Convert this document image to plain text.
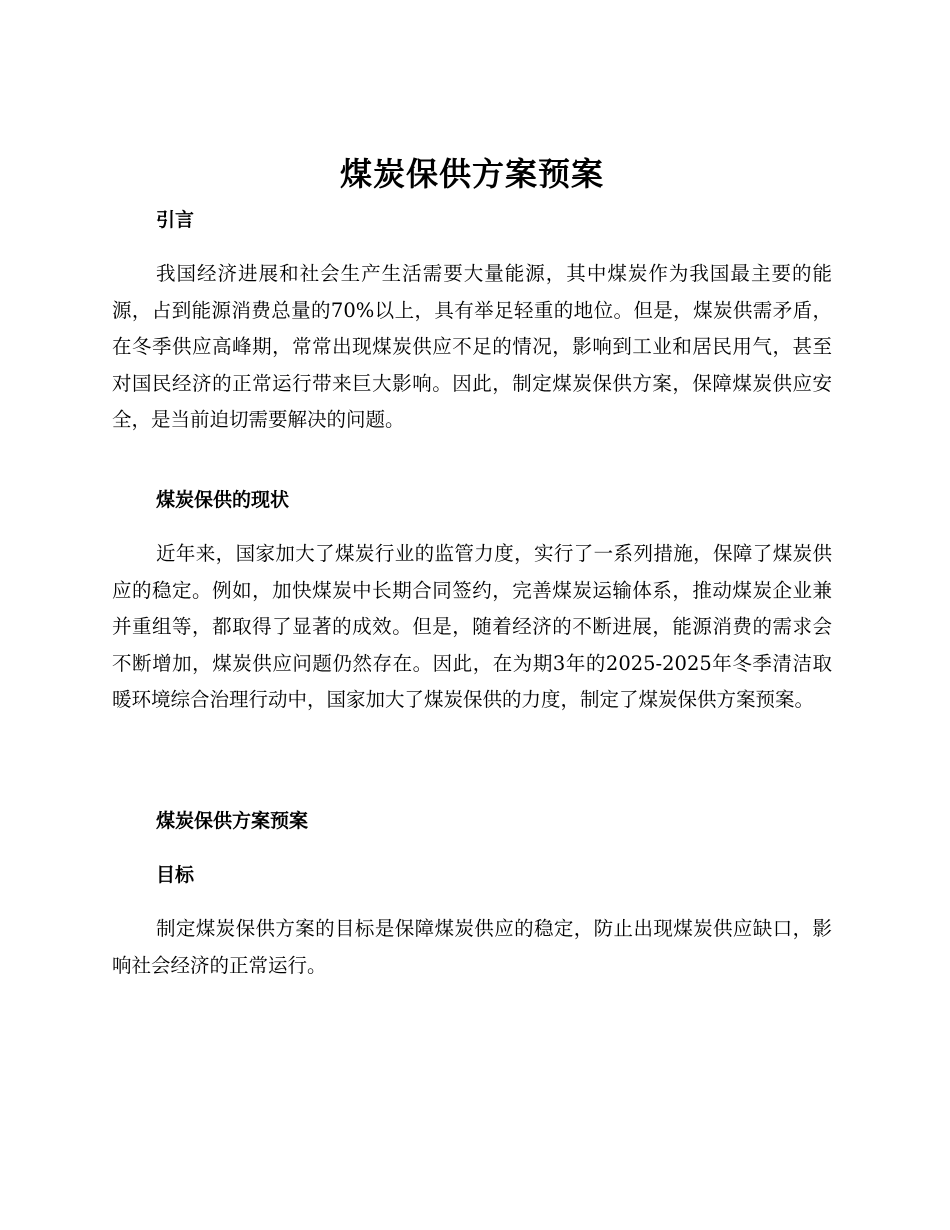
煤炭保供方案预案
引言

我国经济进展和社会生产生活需要大量能源，其中煤炭作为我国最主要的能源，占到能源消费总量的70%以上，具有举足轻重的地位。但是，煤炭供需矛盾，在冬季供应高峰期，常常出现煤炭供应不足的情况，影响到工业和居民用气，甚至对国民经济的正常运行带来巨大影响。因此，制定煤炭保供方案，保障煤炭供应安全，是当前迫切需要解决的问题。

煤炭保供的现状

近年来，国家加大了煤炭行业的监管力度，实行了一系列措施，保障了煤炭供应的稳定。例如，加快煤炭中长期合同签约，完善煤炭运输体系，推动煤炭企业兼并重组等，都取得了显著的成效。但是，随着经济的不断进展，能源消费的需求会不断增加，煤炭供应问题仍然存在。因此，在为期3年的2025-2025年冬季清洁取暖环境综合治理行动中，国家加大了煤炭保供的力度，制定了煤炭保供方案预案。

煤炭保供方案预案
目标

制定煤炭保供方案的目标是保障煤炭供应的稳定，防止出现煤炭供应缺口，影响社会经济的正常运行。
